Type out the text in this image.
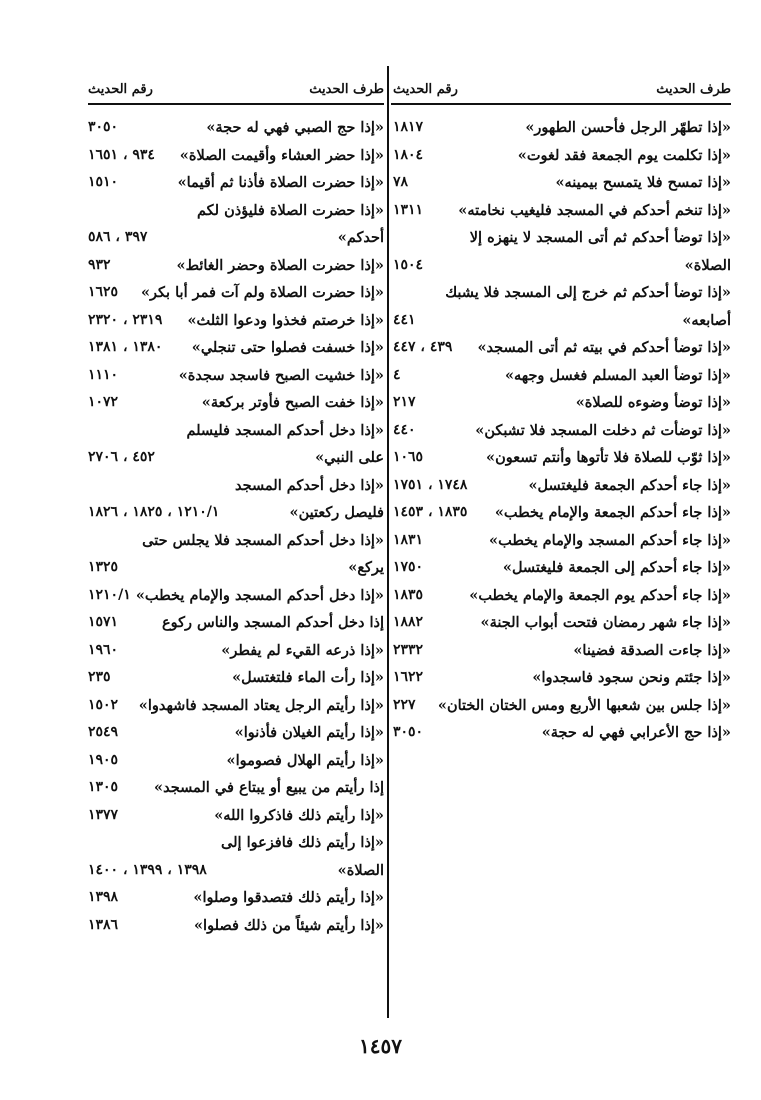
طرف الحديث
رقم الحديث
١٨١٧	«إذا تطهّر الرجل فأحسن الطهور»
١٨٠٤	«إذا تكلمت يوم الجمعة فقد لغوت»
٧٨	«إذا تمسح فلا يتمسح بيمينه»
١٣١١	«إذا تنخم أحدكم في المسجد فليغيب نخامته»
١٥٠٤
«إذا توضأ أحدكم ثم أتى المسجد لا ينهزه إلا الصلاة»
٤٤١
«إذا توضأ أحدكم ثم خرج إلى المسجد فلا يشبك أصابعه»
٤٣٩ ، ٤٤٧	«إذا توضأ أحدكم في بيته ثم أتى المسجد»
٤	«إذا توضأ العبد المسلم فغسل وجهه»
٢١٧	«إذا توضأ وضوءه للصلاة»
٤٤٠	«إذا توضأت ثم دخلت المسجد فلا تشبكن»
١٠٦٥	«إذا ثوّب للصلاة فلا تأتوها وأنتم تسعون»
١٧٤٨ ، ١٧٥١	«إذا جاء أحدكم الجمعة فليغتسل»
١٨٣٥ ، ١٤٥٣	«إذا جاء أحدكم الجمعة والإمام يخطب»
١٨٣١	«إذا جاء أحدكم المسجد والإمام يخطب»
١٧٥٠	«إذا جاء أحدكم إلى الجمعة فليغتسل»
١٨٣٥	«إذا جاء أحدكم يوم الجمعة والإمام يخطب»
١٨٨٢	«إذا جاء شهر رمضان فتحت أبواب الجنة»
٢٣٣٢	«إذا جاءت الصدقة فضينا»
١٦٢٢	«إذا جئتم ونحن سجود فاسجدوا»
٢٢٧	«إذا جلس بين شعبها الأربع ومس الختان الختان»
٣٠٥٠	«إذا حج الأعرابي فهي له حجة»
طرف الحديث
رقم الحديث
٣٠٥٠	«إذا حج الصبي فهي له حجة»
٩٣٤ ، ١٦٥١	«إذا حضر العشاء وأقيمت الصلاة»
١٥١٠	«إذا حضرت الصلاة فأذنا ثم أقيما»
٣٩٧ ، ٥٨٦
«إذا حضرت الصلاة فليؤذن لكم أحدكم»
٩٣٢	«إذا حضرت الصلاة وحضر الغائط»
١٦٢٥	«إذا حضرت الصلاة ولم آت فمر أبا بكر»
٢٣١٩ ، ٢٣٢٠	«إذا خرصتم فخذوا ودعوا الثلث»
١٣٨٠ ، ١٣٨١	«إذا خسفت فصلوا حتى تنجلي»
١١١٠	«إذا خشيت الصبح فاسجد سجدة»
١٠٧٢	«إذا خفت الصبح فأوتر بركعة»
٤٥٢ ، ٢٧٠٦
«إذا دخل أحدكم المسجد فليسلم على النبي»
١٢١٠/١ ، ١٨٢٥ ، ١٨٢٦
«إذا دخل أحدكم المسجد فليصل ركعتين»
١٣٢٥
«إذا دخل أحدكم المسجد فلا يجلس حتى يركع»
١٢١٠/١ «إذا دخل أحدكم المسجد والإمام يخطب»
١٥٧١	إذا دخل أحدكم المسجد والناس ركوع
١٩٦٠	«إذا ذرعه القيء لم يفطر»
٢٣٥	«إذا رأت الماء فلتغتسل»
١٥٠٢	«إذا رأيتم الرجل يعتاد المسجد فاشهدوا»
٢٥٤٩	«إذا رأيتم الغيلان فأذنوا»
١٩٠٥	«إذا رأيتم الهلال فصوموا»
١٣٠٥	إذا رأيتم من يبيع أو يبتاع في المسجد»
١٣٧٧	«إذا رأيتم ذلك فاذكروا الله»
١٣٩٨ ، ١٣٩٩ ، ١٤٠٠
«إذا رأيتم ذلك فافزعوا إلى الصلاة»
١٣٩٨	«إذا رأيتم ذلك فتصدقوا وصلوا»
١٣٨٦	«إذا رأيتم شيئاً من ذلك فصلوا»
١٤٥٧
